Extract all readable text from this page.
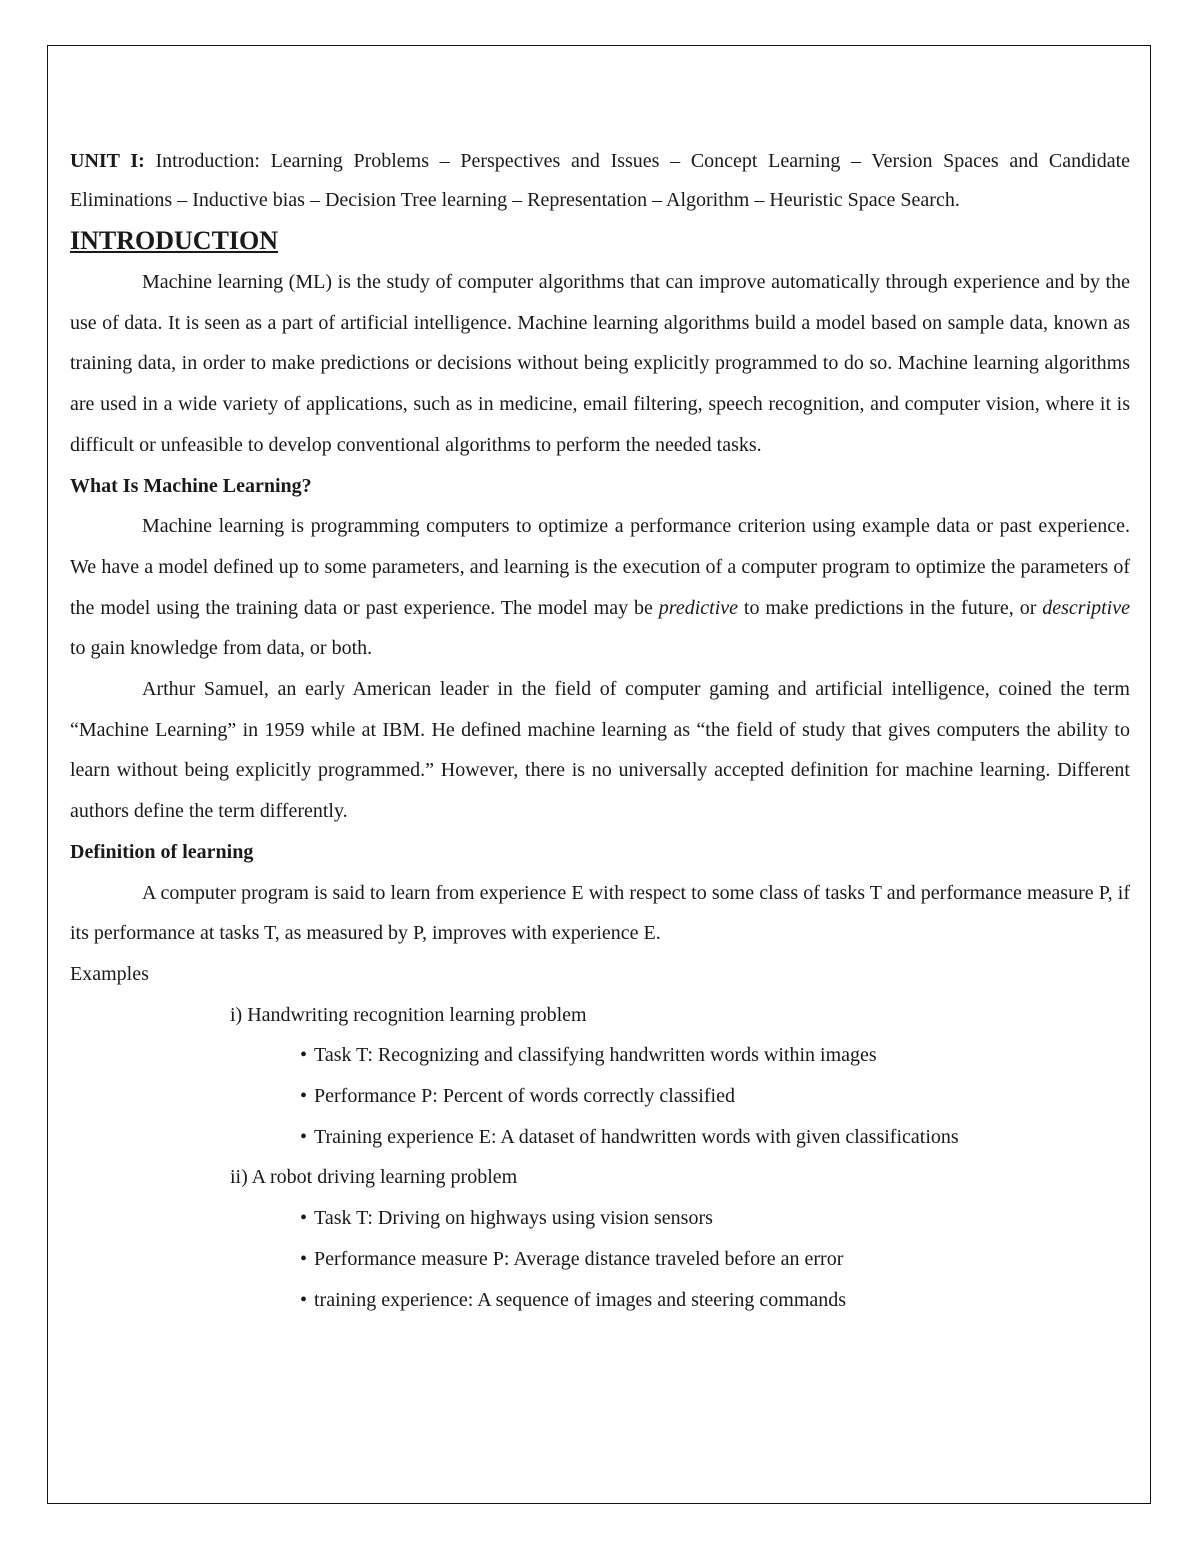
UNIT I: Introduction: Learning Problems – Perspectives and Issues – Concept Learning – Version Spaces and Candidate Eliminations – Inductive bias – Decision Tree learning – Representation – Algorithm – Heuristic Space Search.

INTRODUCTION

Machine learning (ML) is the study of computer algorithms that can improve automatically through experience and by the use of data. It is seen as a part of artificial intelligence. Machine learning algorithms build a model based on sample data, known as training data, in order to make predictions or decisions without being explicitly programmed to do so. Machine learning algorithms are used in a wide variety of applications, such as in medicine, email filtering, speech recognition, and computer vision, where it is difficult or unfeasible to develop conventional algorithms to perform the needed tasks.

What Is Machine Learning?

Machine learning is programming computers to optimize a performance criterion using example data or past experience. We have a model defined up to some parameters, and learning is the execution of a computer program to optimize the parameters of the model using the training data or past experience. The model may be predictive to make predictions in the future, or descriptive to gain knowledge from data, or both.

Arthur Samuel, an early American leader in the field of computer gaming and artificial intelligence, coined the term “Machine Learning” in 1959 while at IBM. He defined machine learning as “the field of study that gives computers the ability to learn without being explicitly programmed.” However, there is no universally accepted definition for machine learning. Different authors define the term differently.

Definition of learning

A computer program is said to learn from experience E with respect to some class of tasks T and performance measure P, if its performance at tasks T, as measured by P, improves with experience E.

Examples
i) Handwriting recognition learning problem
• Task T: Recognizing and classifying handwritten words within images
• Performance P: Percent of words correctly classified
• Training experience E: A dataset of handwritten words with given classifications
ii) A robot driving learning problem
• Task T: Driving on highways using vision sensors
• Performance measure P: Average distance traveled before an error
• training experience: A sequence of images and steering commands
